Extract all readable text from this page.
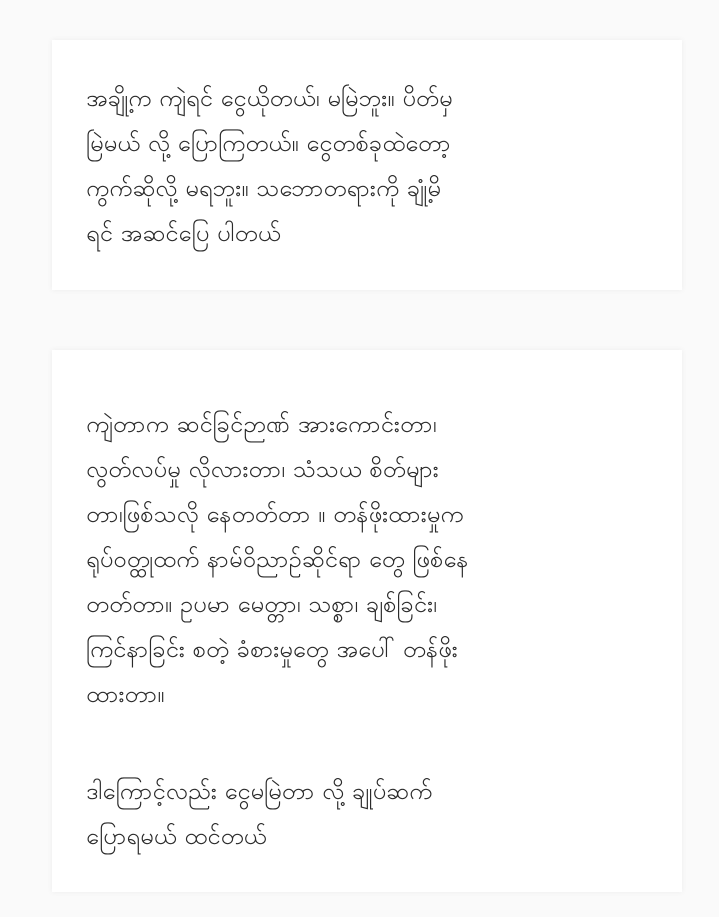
အချို့က ကျဲရင် ငွေယိုတယ်၊ မမြဲဘူး။ ပိတ်မှ
မြဲမယ် လို့ ပြောကြတယ်။ ငွေတစ်ခုထဲတော့
ကွက်ဆိုလို့ မရဘူး။ သဘောတရားကို ချုံ့မိ
ရင် အဆင်ပြေ ပါတယ်

ကျဲတာက ဆင်ခြင်ဉာဏ် အားကောင်းတာ၊
လွတ်လပ်မှု လိုလားတာ၊ သံသယ စိတ်များ
တာ၊ဖြစ်သလို နေတတ်တာ ။ တန်ဖိုးထားမှုက
ရုပ်ဝတ္ထုထက် နာမ်ဝိညာဉ်ဆိုင်ရာ တွေ ဖြစ်နေ
တတ်တာ။ ဥပမာ မေတ္တာ၊ သစ္စာ၊ ချစ်ခြင်း၊
ကြင်နာခြင်း စတဲ့ ခံစားမှုတွေ အပေါ် တန်ဖိုး
ထားတာ။

ဒါကြောင့်လည်း ငွေမမြဲတာ လို့ ချုပ်ဆက်
ပြောရမယ် ထင်တယ်
